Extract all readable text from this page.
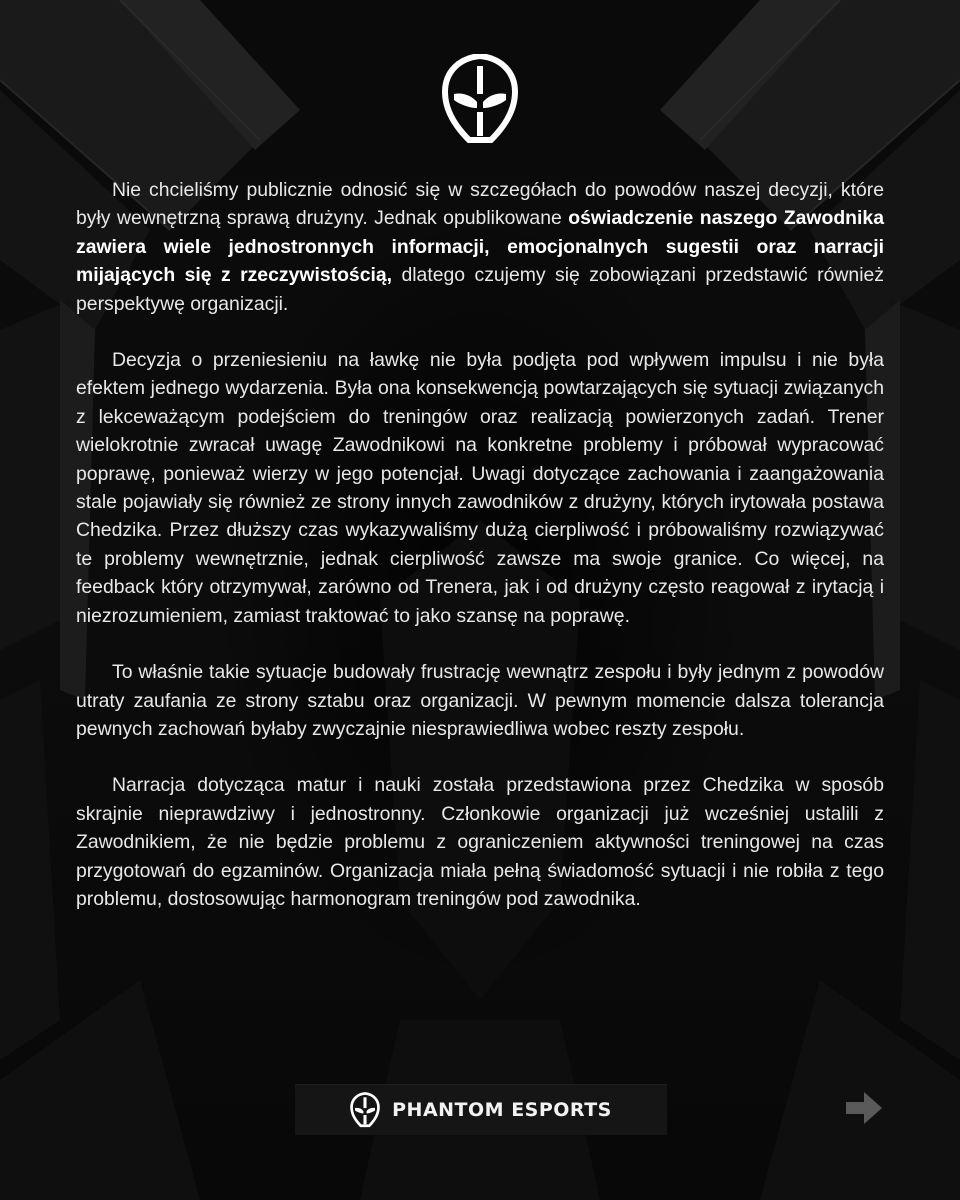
Nie chcieliśmy publicznie odnosić się w szczegółach do powodów naszej decyzji, które były wewnętrzną sprawą drużyny. Jednak opublikowane oświadczenie naszego Zawodnika zawiera wiele jednostronnych informacji, emocjonalnych sugestii oraz narracji mijających się z rzeczywistością, dlatego czujemy się zobowiązani przedstawić również perspektywę organizacji.

Decyzja o przeniesieniu na ławkę nie była podjęta pod wpływem impulsu i nie była efektem jednego wydarzenia. Była ona konsekwencją powtarzających się sytuacji związanych z lekceważącym podejściem do treningów oraz realizacją powierzonych zadań. Trener wielokrotnie zwracał uwagę Zawodnikowi na konkretne problemy i próbował wypracować poprawę, ponieważ wierzy w jego potencjał. Uwagi dotyczące zachowania i zaangażowania stale pojawiały się również ze strony innych zawodników z drużyny, których irytowała postawa Chedzika. Przez dłuższy czas wykazywaliśmy dużą cierpliwość i próbowaliśmy rozwiązywać te problemy wewnętrznie, jednak cierpliwość zawsze ma swoje granice. Co więcej, na feedback który otrzymywał, zarówno od Trenera, jak i od drużyny często reagował z irytacją i niezrozumieniem, zamiast traktować to jako szansę na poprawę.

To właśnie takie sytuacje budowały frustrację wewnątrz zespołu i były jednym z powodów utraty zaufania ze strony sztabu oraz organizacji. W pewnym momencie dalsza tolerancja pewnych zachowań byłaby zwyczajnie niesprawiedliwa wobec reszty zespołu.

Narracja dotycząca matur i nauki została przedstawiona przez Chedzika w sposób skrajnie nieprawdziwy i jednostronny. Członkowie organizacji już wcześniej ustalili z Zawodnikiem, że nie będzie problemu z ograniczeniem aktywności treningowej na czas przygotowań do egzaminów. Organizacja miała pełną świadomość sytuacji i nie robiła z tego problemu, dostosowując harmonogram treningów pod zawodnika.

PHANTOM ESPORTS
